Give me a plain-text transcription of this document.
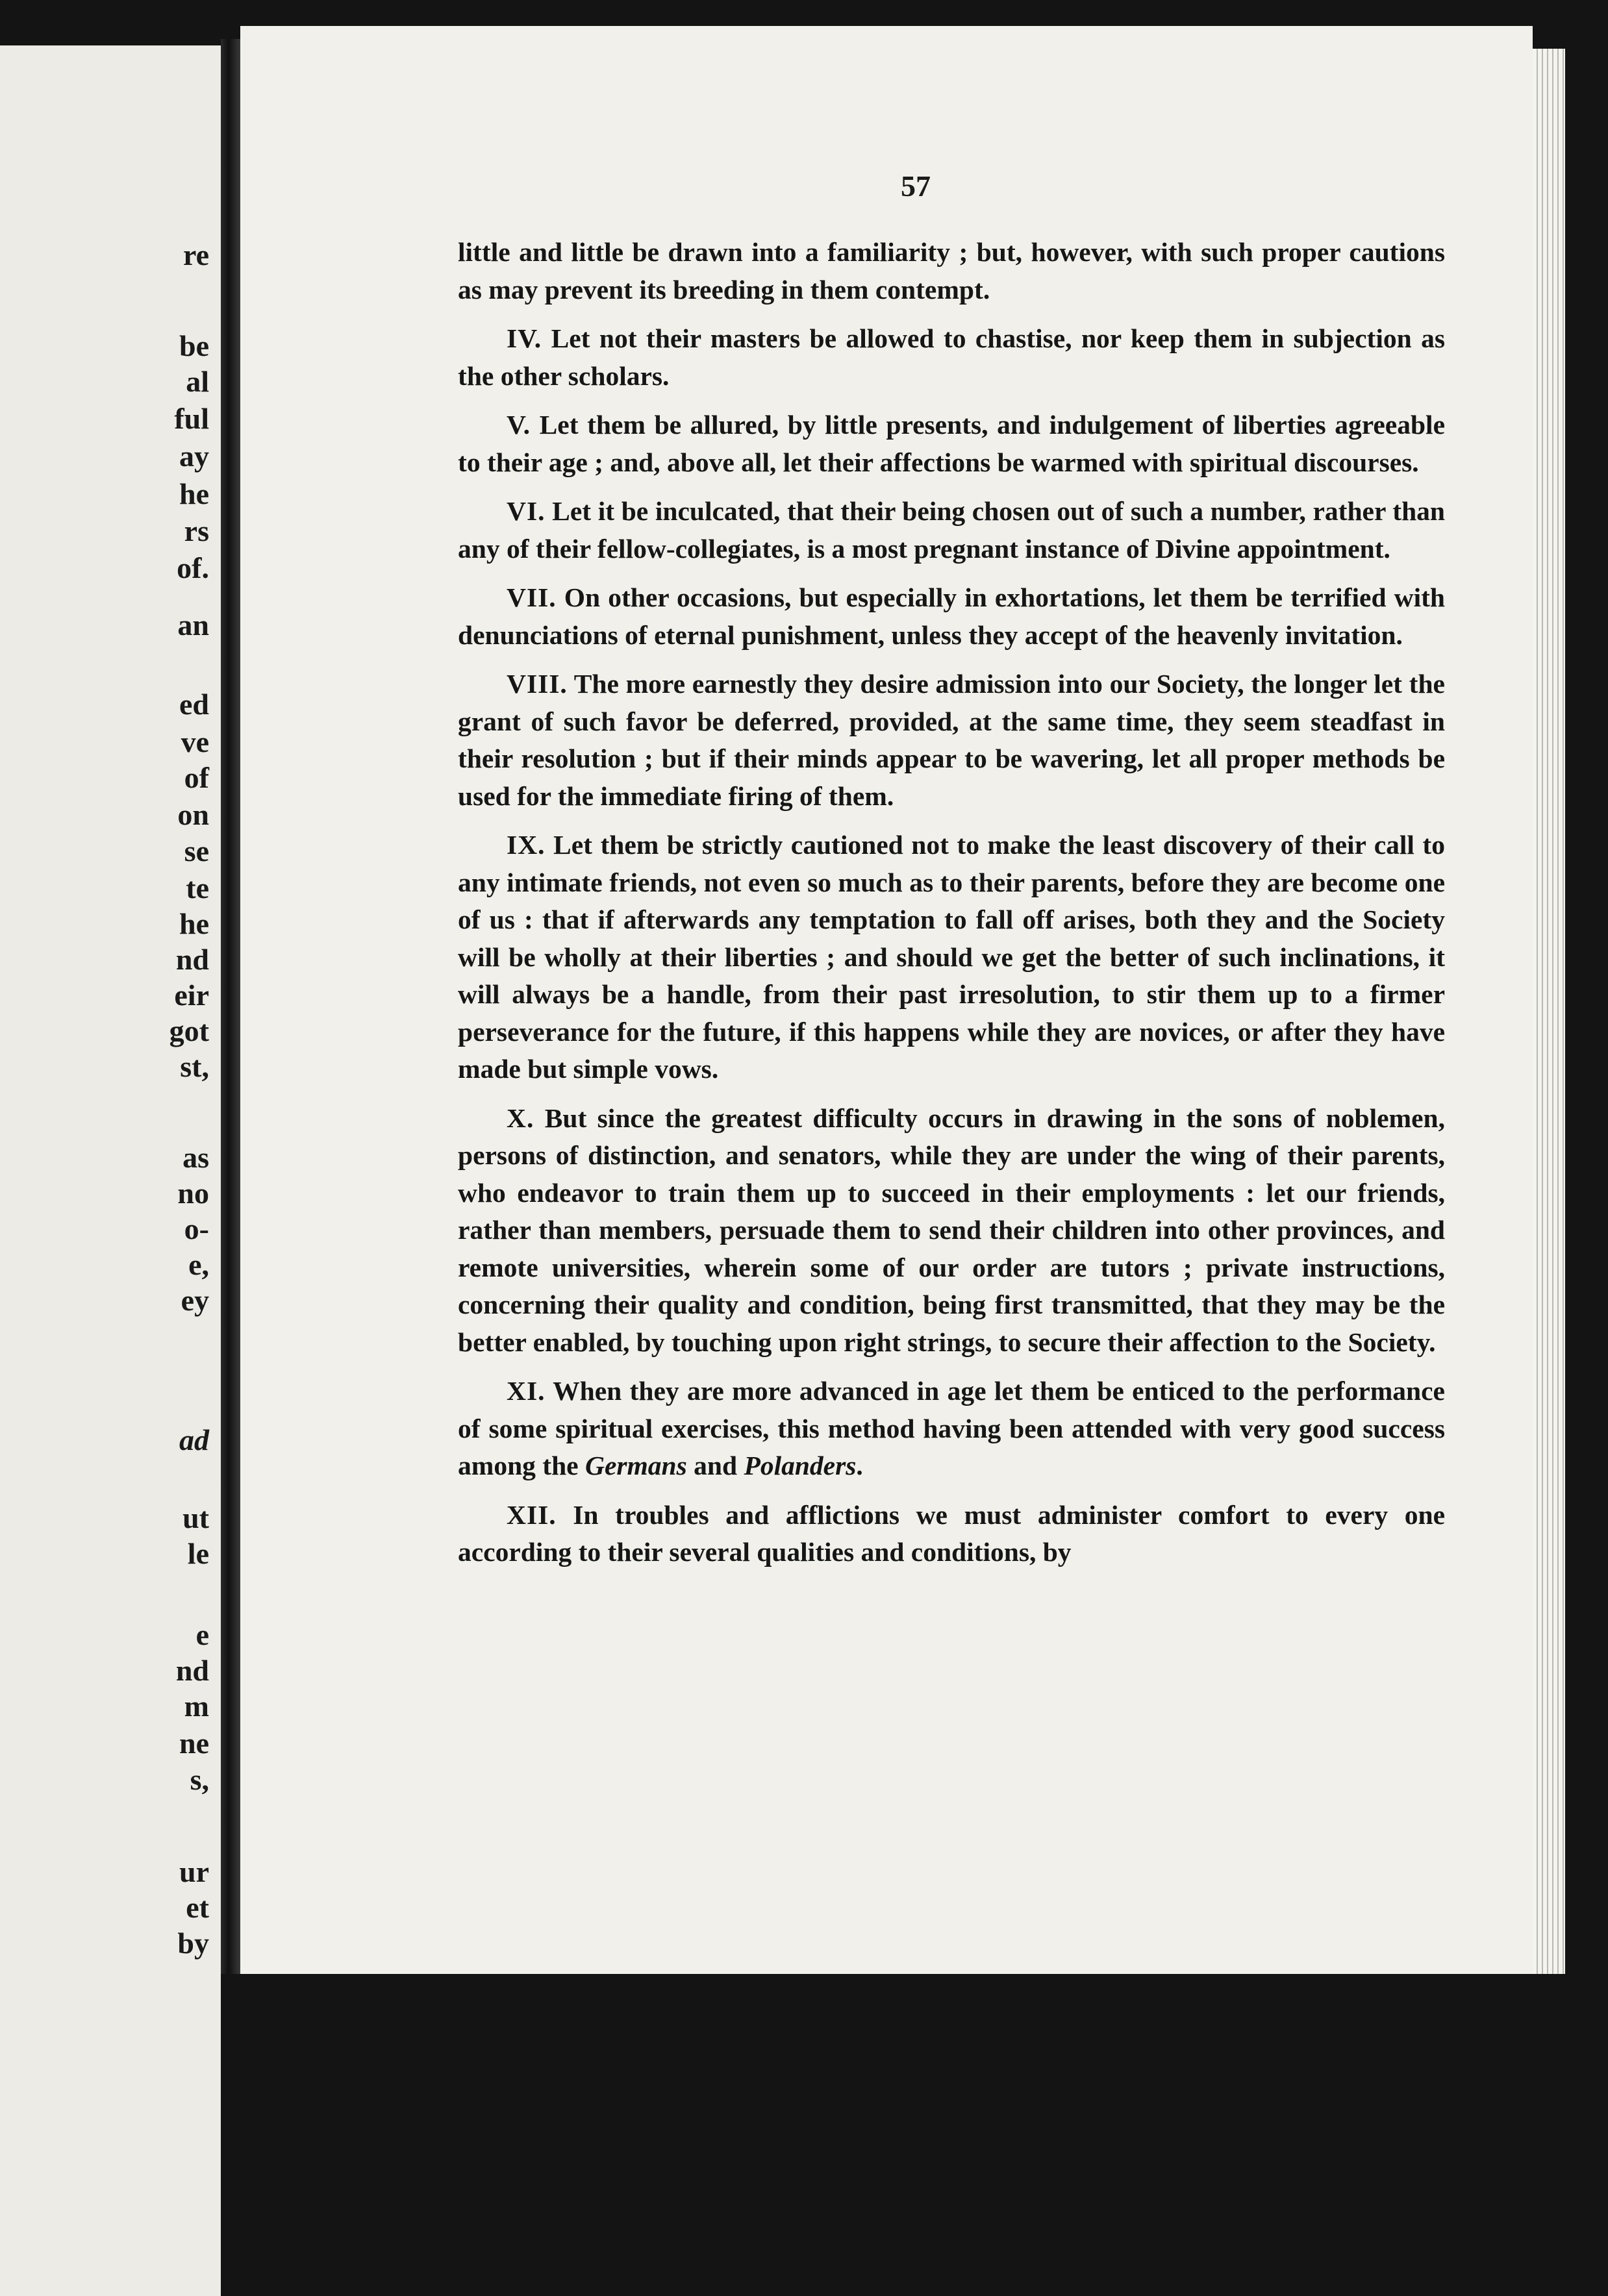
re
be
al
ful
ay
he
rs
of.
an
ed
ve
of
on
se
te
he
nd
eir
got
st,
as
no
o-
e,
ey
ad
ut
le
e
nd
m
ne
s,
ur
et
by
57

little and little be drawn into a familiarity ; but, however, with such proper cautions as may prevent its breeding in them contempt.

IV. Let not their masters be allowed to chastise, nor keep them in subjection as the other scholars.

V. Let them be allured, by little presents, and indulgement of liberties agreeable to their age ; and, above all, let their affections be warmed with spiritual discourses.

VI. Let it be inculcated, that their being chosen out of such a number, rather than any of their fellow-collegiates, is a most pregnant instance of Divine appointment.

VII. On other occasions, but especially in exhortations, let them be terrified with denunciations of eternal punishment, unless they accept of the heavenly invitation.

VIII. The more earnestly they desire admission into our Society, the longer let the grant of such favor be deferred, provided, at the same time, they seem steadfast in their resolution ; but if their minds appear to be wavering, let all proper methods be used for the immediate firing of them.

IX. Let them be strictly cautioned not to make the least discovery of their call to any intimate friends, not even so much as to their parents, before they are become one of us : that if afterwards any temptation to fall off arises, both they and the Society will be wholly at their liberties ; and should we get the better of such inclinations, it will always be a handle, from their past irresolution, to stir them up to a firmer perseverance for the future, if this happens while they are novices, or after they have made but simple vows.

X. But since the greatest difficulty occurs in drawing in the sons of noblemen, persons of distinction, and senators, while they are under the wing of their parents, who endeavor to train them up to succeed in their employments : let our friends, rather than members, persuade them to send their children into other provinces, and remote universities, wherein some of our order are tutors ; private instructions, concerning their quality and condition, being first transmitted, that they may be the better enabled, by touching upon right strings, to secure their affection to the Society.

XI. When they are more advanced in age let them be enticed to the performance of some spiritual exercises, this method having been attended with very good success among the Germans and Polanders.

XII. In troubles and afflictions we must administer comfort to every one according to their several qualities and conditions, by
